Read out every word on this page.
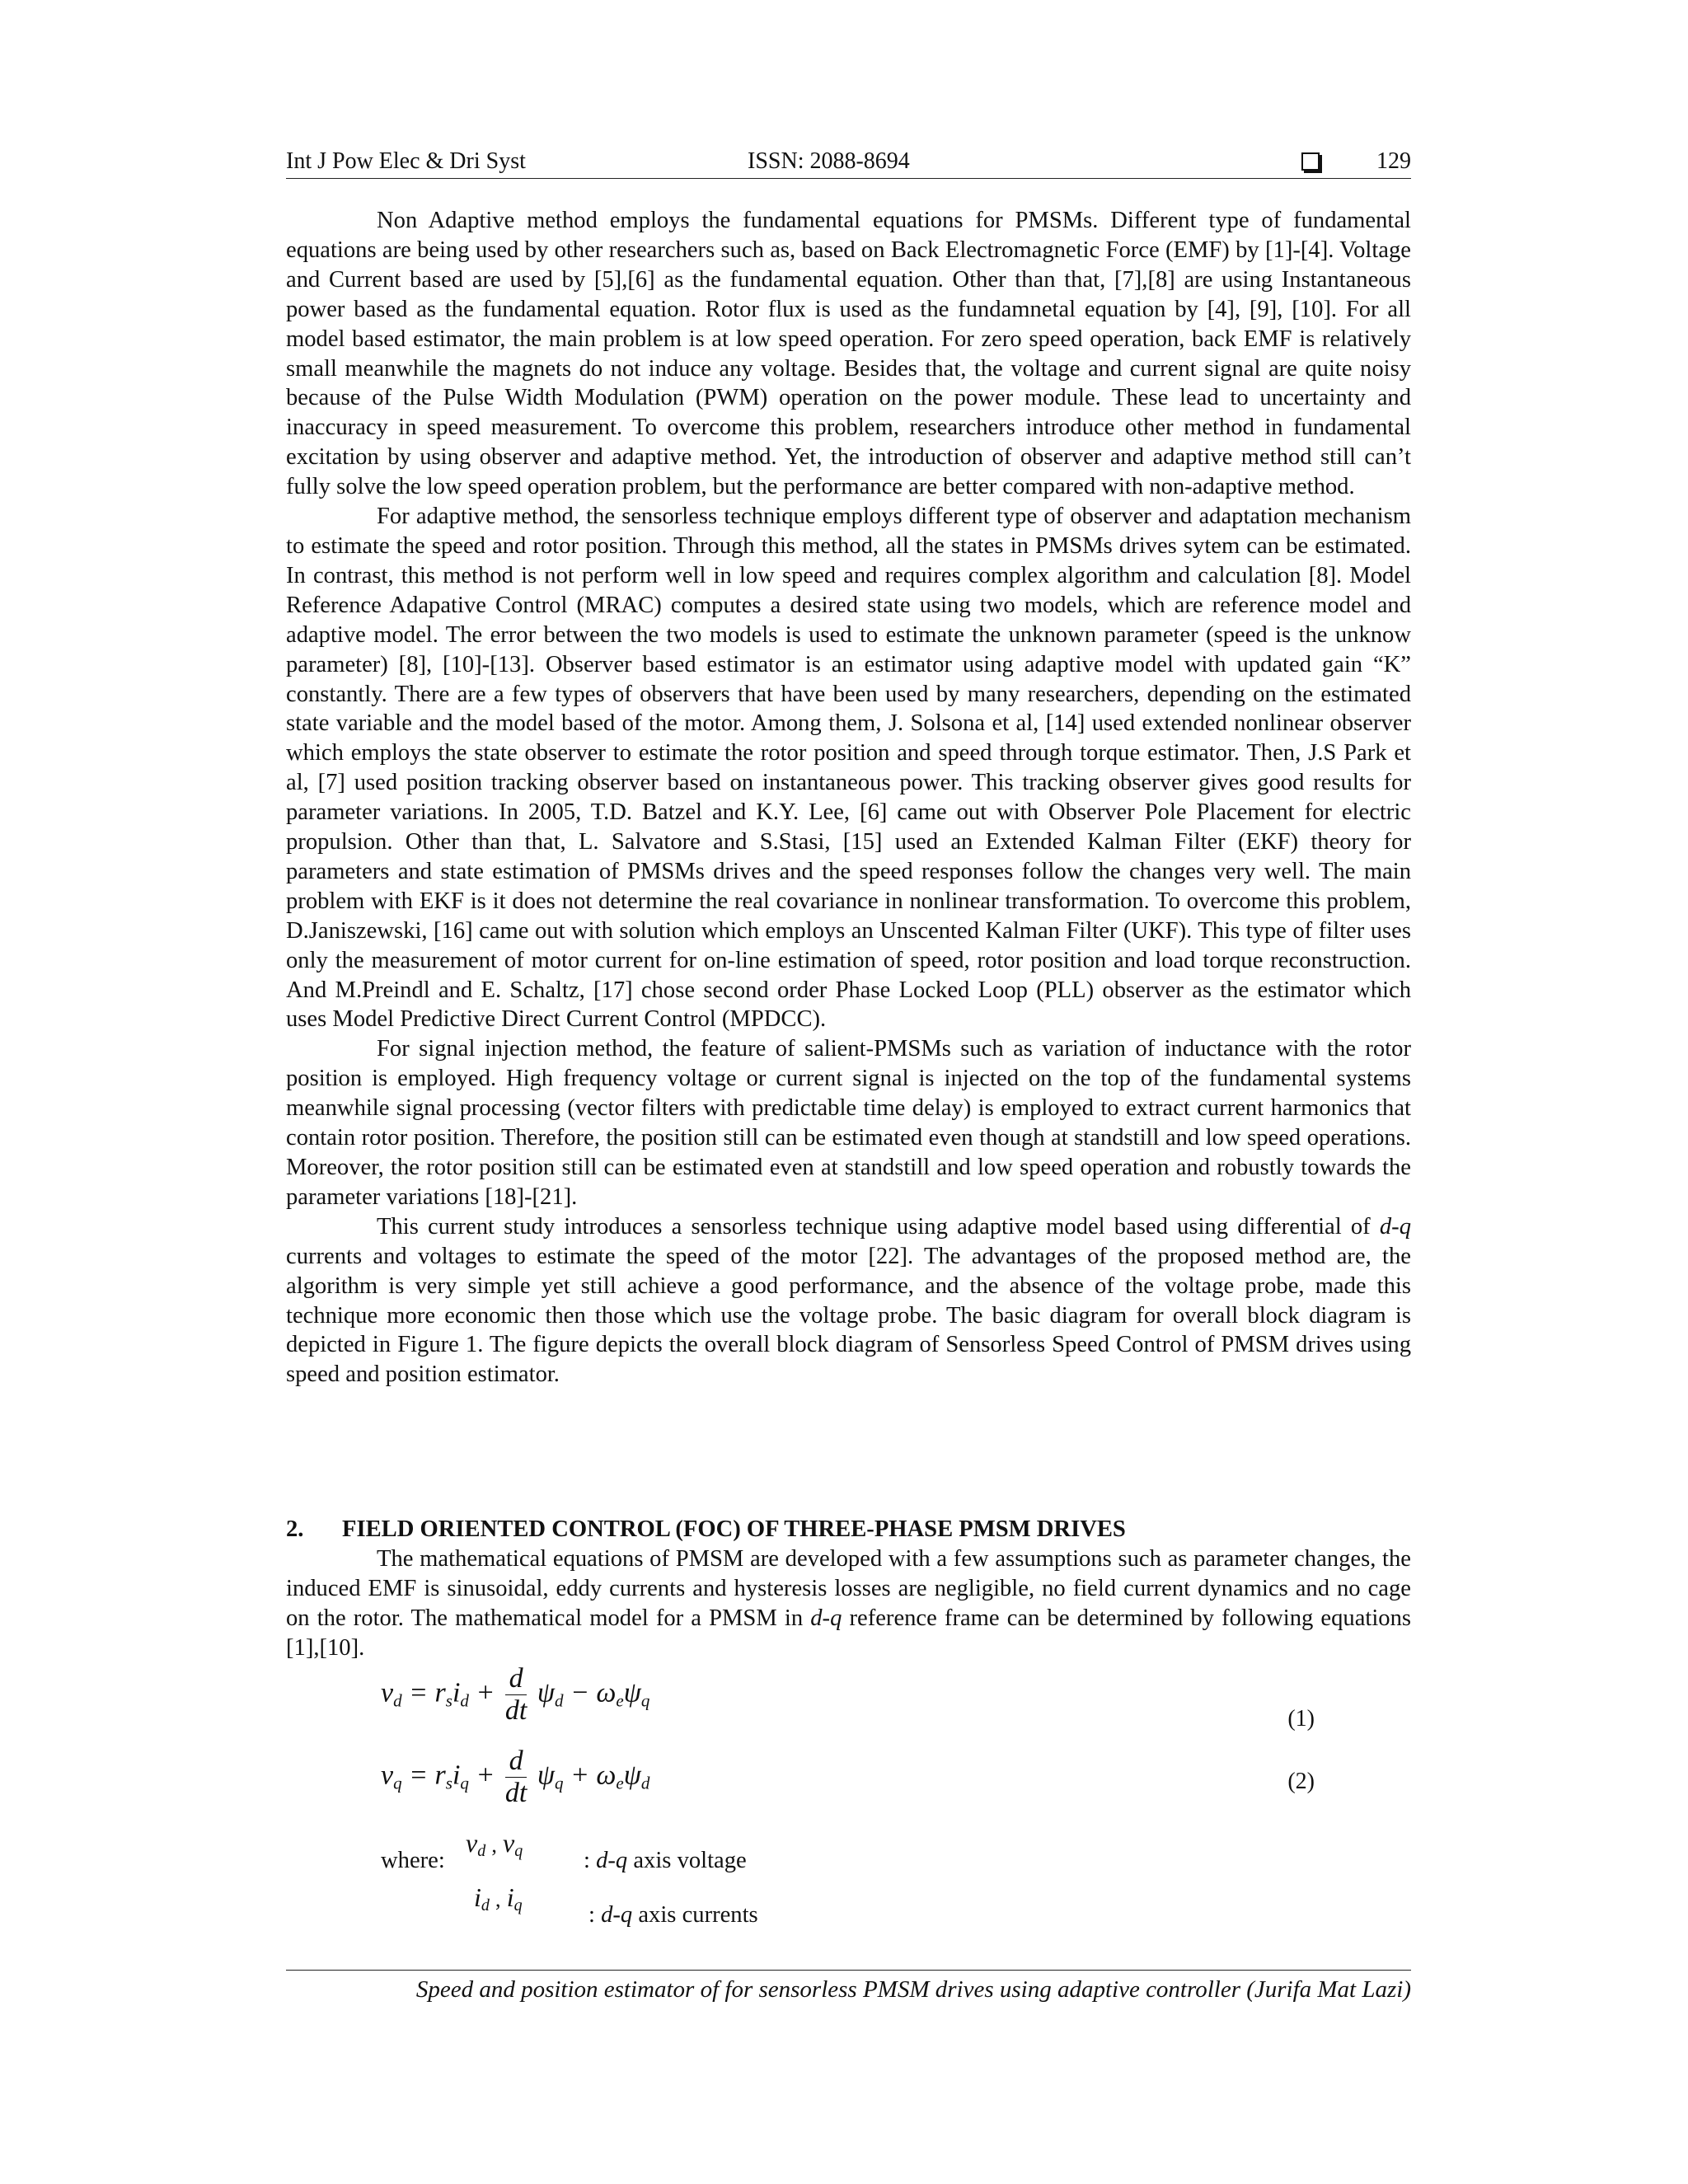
Int J Pow Elec & Dri Syst	ISSN: 2088-8694	129

Non Adaptive method employs the fundamental equations for PMSMs. Different type of fundamental equations are being used by other researchers such as, based on Back Electromagnetic Force (EMF) by [1]-[4]. Voltage and Current based are used by [5],[6] as the fundamental equation. Other than that, [7],[8] are using Instantaneous power based as the fundamental equation. Rotor flux is used as the fundamnetal equation by [4], [9], [10]. For all model based estimator, the main problem is at low speed operation. For zero speed operation, back EMF is relatively small meanwhile the magnets do not induce any voltage. Besides that, the voltage and current signal are quite noisy because of the Pulse Width Modulation (PWM) operation on the power module. These lead to uncertainty and inaccuracy in speed measurement. To overcome this problem, researchers introduce other method in fundamental excitation by using observer and adaptive method. Yet, the introduction of observer and adaptive method still can’t fully solve the low speed operation problem, but the performance are better compared with non-adaptive method.

For adaptive method, the sensorless technique employs different type of observer and adaptation mechanism to estimate the speed and rotor position. Through this method, all the states in PMSMs drives sytem can be estimated. In contrast, this method is not perform well in low speed and requires complex algorithm and calculation [8]. Model Reference Adapative Control (MRAC) computes a desired state using two models, which are reference model and adaptive model. The error between the two models is used to estimate the unknown parameter (speed is the unknow parameter) [8], [10]-[13]. Observer based estimator is an estimator using adaptive model with updated gain “K” constantly. There are a few types of observers that have been used by many researchers, depending on the estimated state variable and the model based of the motor. Among them, J. Solsona et al, [14] used extended nonlinear observer which employs the state observer to estimate the rotor position and speed through torque estimator. Then, J.S Park et al, [7] used position tracking observer based on instantaneous power. This tracking observer gives good results for parameter variations. In 2005, T.D. Batzel and K.Y. Lee, [6] came out with Observer Pole Placement for electric propulsion. Other than that, L. Salvatore and S.Stasi, [15] used an Extended Kalman Filter (EKF) theory for parameters and state estimation of PMSMs drives and the speed responses follow the changes very well. The main problem with EKF is it does not determine the real covariance in nonlinear transformation. To overcome this problem, D.Janiszewski, [16] came out with solution which employs an Unscented Kalman Filter (UKF). This type of filter uses only the measurement of motor current for on-line estimation of speed, rotor position and load torque reconstruction. And M.Preindl and E. Schaltz, [17] chose second order Phase Locked Loop (PLL) observer as the estimator which uses Model Predictive Direct Current Control (MPDCC).

For signal injection method, the feature of salient-PMSMs such as variation of inductance with the rotor position is employed. High frequency voltage or current signal is injected on the top of the fundamental systems meanwhile signal processing (vector filters with predictable time delay) is employed to extract current harmonics that contain rotor position. Therefore, the position still can be estimated even though at standstill and low speed operations. Moreover, the rotor position still can be estimated even at standstill and low speed operation and robustly towards the parameter variations [18]-[21].

This current study introduces a sensorless technique using adaptive model based using differential of d-q currents and voltages to estimate the speed of the motor [22]. The advantages of the proposed method are, the algorithm is very simple yet still achieve a good performance, and the absence of the voltage probe, made this technique more economic then those which use the voltage probe. The basic diagram for overall block diagram is depicted in Figure 1. The figure depicts the overall block diagram of Sensorless Speed Control of PMSM drives using speed and position estimator.

2. FIELD ORIENTED CONTROL (FOC) OF THREE-PHASE PMSM DRIVES

The mathematical equations of PMSM are developed with a few assumptions such as parameter changes, the induced EMF is sinusoidal, eddy currents and hysteresis losses are negligible, no field current dynamics and no cage on the rotor. The mathematical model for a PMSM in d-q reference frame can be determined by following equations [1],[10].

$v_d = r_si_d + \frac{d}{dt} \psi_d - \omega_e\psi_q$
(1)
$v_q = r_si_q + \frac{d}{dt} \psi_q + \omega_e\psi_d$	(2)
where:
$v_d$ , $v_q$	: d-q axis voltage
$i_d$ , $i_q$	: d-q axis currents
Speed and position estimator of for sensorless PMSM drives using adaptive controller (Jurifa Mat Lazi)
